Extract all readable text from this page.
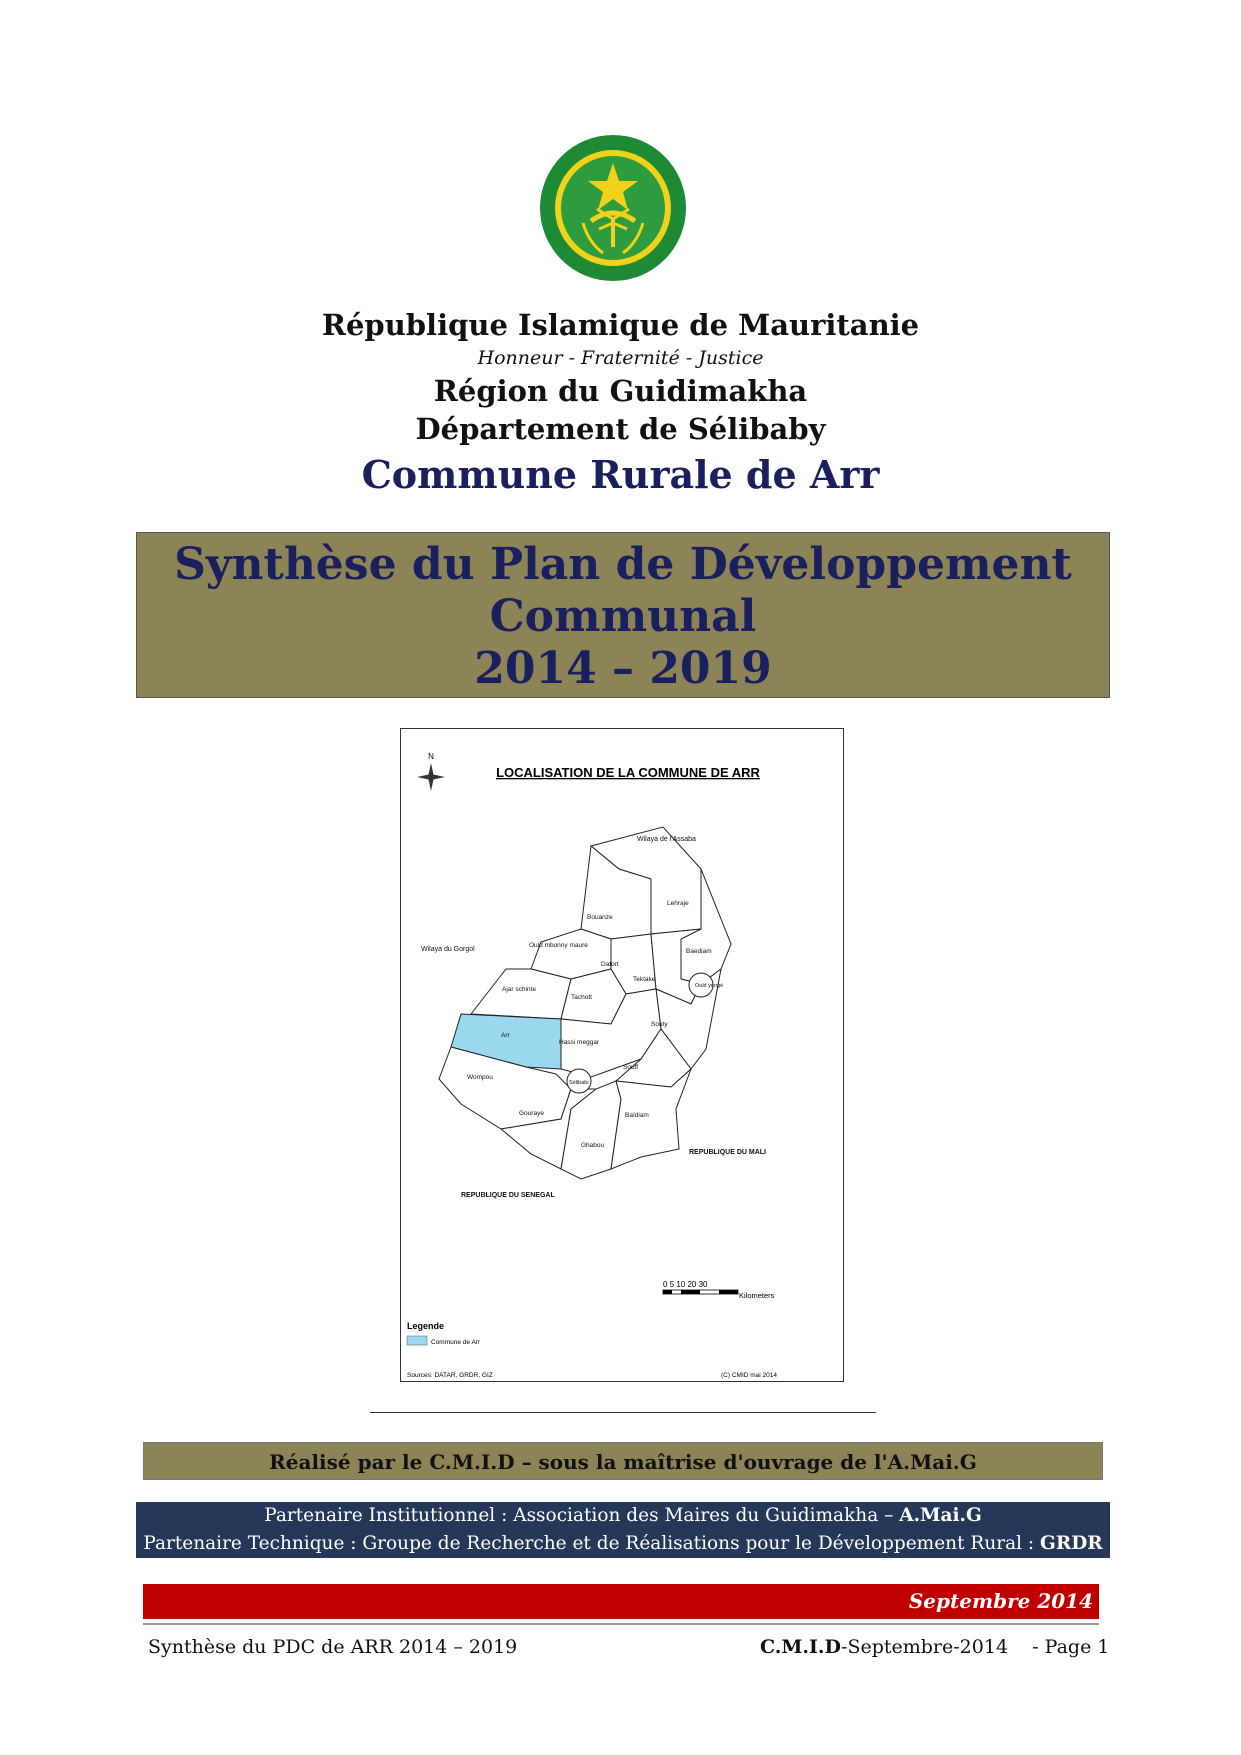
République Islamique de Mauritanie
Honneur - Fraternité - Justice
Région du Guidimakha
Département de Sélibaby
Commune Rurale de Arr
Synthèse du Plan de Développement
Communal
2014 – 2019
N
LOCALISATION DE LA COMMUNE DE ARR
Wilaya de l'Assaba
Wilaya du Gorgol
REPUBLIQUE DU MALI
REPUBLIQUE DU SENEGAL
Lehraje
Bouanze
Ould mbonny maure
Dafort
Tektake
Baediam
Ould yengé
Ajar schinte
Tachott
Souty
Arr
Hassi meggar
Souff
Sélibabi
Wompou
Gouraye
Ghabou
Baïdiam
0 5 10 20 30
Kilometers
Legende
Commune de Arr
Sources: DATAR, GRDR, GIZ	(C) CMID mai 2014
Réalisé par le C.M.I.D – sous la maîtrise d'ouvrage de l'A.Mai.G
Partenaire Institutionnel : Association des Maires du Guidimakha – A.Mai.G
Partenaire Technique : Groupe de Recherche et de Réalisations pour le Développement Rural : GRDR
Septembre 2014
Synthèse du PDC de ARR 2014 – 2019	C.M.I.D-Septembre-2014    - Page 1
